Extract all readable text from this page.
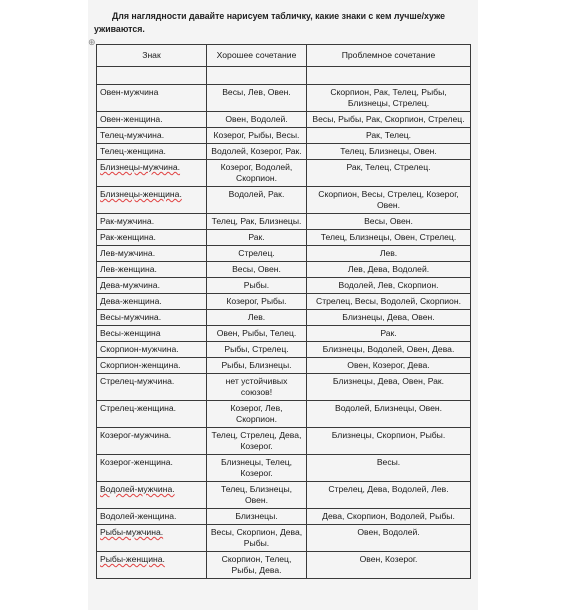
Для наглядности давайте нарисуем табличку, какие знаки с кем лучше/хуже уживаются.
⊕
Знак	Хорошее сочетание	Проблемное сочетание

Овен-мужчина	Весы, Лев, Овен.	Скорпион, Рак, Телец, Рыбы, Близнецы, Стрелец.
Овен-женщина.	Овен, Водолей.	Весы, Рыбы, Рак, Скорпион, Стрелец.
Телец-мужчина.	Козерог, Рыбы, Весы.	Рак, Телец.
Телец-женщина.	Водолей, Козерог, Рак.	Телец, Близнецы, Овен.
Близнецы-мужчина.	Козерог, Водолей, Скорпион.	Рак, Телец, Стрелец.
Близнецы-женщина.	Водолей, Рак.	Скорпион, Весы, Стрелец, Козерог, Овен.
Рак-мужчина.	Телец, Рак, Близнецы.	Весы, Овен.
Рак-женщина.	Рак.	Телец, Близнецы, Овен, Стрелец.
Лев-мужчина.	Стрелец.	Лев.
Лев-женщина.	Весы, Овен.	Лев, Дева, Водолей.
Дева-мужчина.	Рыбы.	Водолей, Лев, Скорпион.
Дева-женщина.	Козерог, Рыбы.	Стрелец, Весы, Водолей, Скорпион.
Весы-мужчина.	Лев.	Близнецы, Дева, Овен.
Весы-женщина	Овен, Рыбы, Телец.	Рак.
Скорпион-мужчина.	Рыбы, Стрелец.	Близнецы, Водолей, Овен, Дева.
Скорпион-женщина.	Рыбы, Близнецы.	Овен, Козерог, Дева.
Стрелец-мужчина.	нет устойчивых союзов!	Близнецы, Дева, Овен, Рак.
Стрелец-женщина.	Козерог, Лев, Скорпион.	Водолей, Близнецы, Овен.
Козерог-мужчина.	Телец, Стрелец, Дева, Козерог.	Близнецы, Скорпион, Рыбы.
Козерог-женщина.	Близнецы, Телец, Козерог.	Весы.
Водолей-мужчина.	Телец, Близнецы, Овен.	Стрелец, Дева, Водолей, Лев.
Водолей-женщина.	Близнецы.	Дева, Скорпион, Водолей, Рыбы.
Рыбы-мужчина.	Весы, Скорпион, Дева, Рыбы.	Овен, Водолей.
Рыбы-женщина.	Скорпион, Телец, Рыбы, Дева.	Овен, Козерог.
